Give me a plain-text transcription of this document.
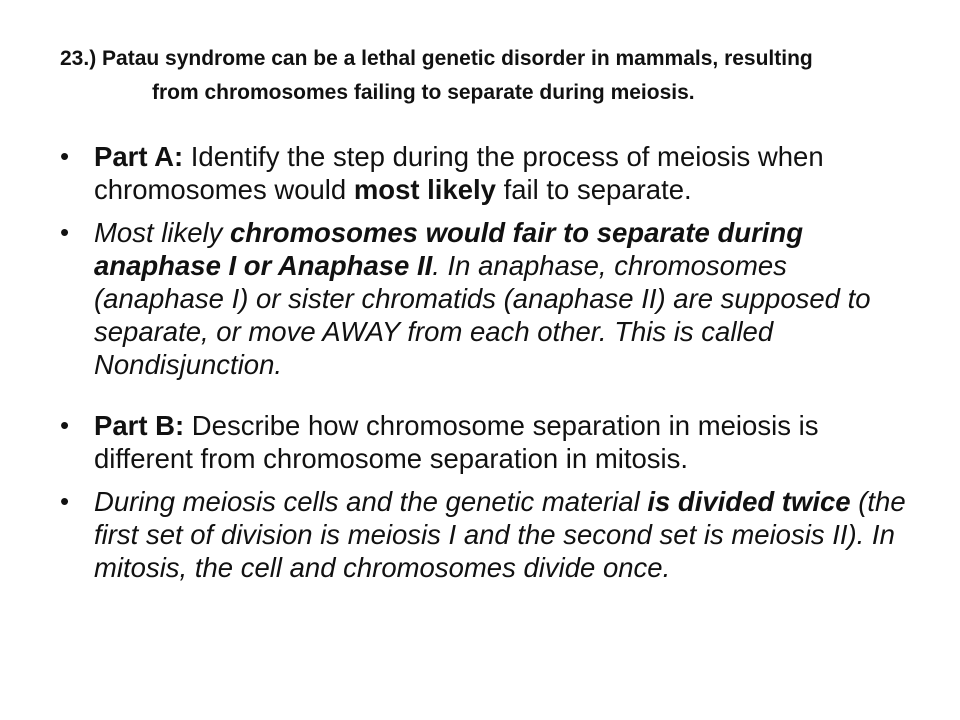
23.) Patau syndrome can be a lethal genetic disorder in mammals, resulting
from chromosomes failing to separate during meiosis.
• Part A: Identify the step during the process of meiosis when chromosomes would most likely fail to separate.
• Most likely chromosomes would fair to separate during anaphase I or Anaphase II. In anaphase, chromosomes (anaphase I) or sister chromatids (anaphase II) are supposed to separate, or move AWAY from each other. This is called Nondisjunction.
• Part B: Describe how chromosome separation in meiosis is different from chromosome separation in mitosis.
• During meiosis cells and the genetic material is divided twice (the first set of division is meiosis I and the second set is meiosis II). In mitosis, the cell and chromosomes divide once.
